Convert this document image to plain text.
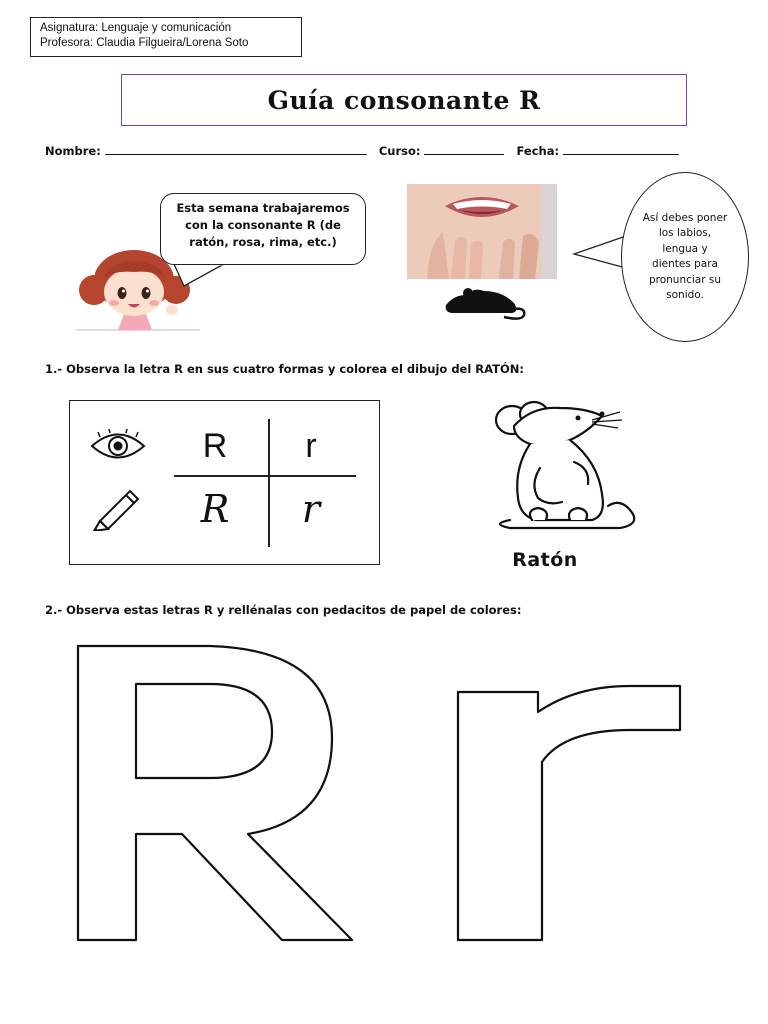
Asignatura: Lenguaje y comunicación
Profesora: Claudia Filgueira/Lorena Soto
Guía consonante R
Nombre:	Curso:	Fecha:
Esta semana trabajaremos con la consonante R (de ratón, rosa, rima, etc.)
Así debes poner los labios, lengua y dientes para pronunciar su sonido.
1.- Observa la letra R en sus cuatro formas y colorea el dibujo del RATÓN:
R	r
R	r
Ratón
2.- Observa estas letras R y rellénalas con pedacitos de papel de colores:
